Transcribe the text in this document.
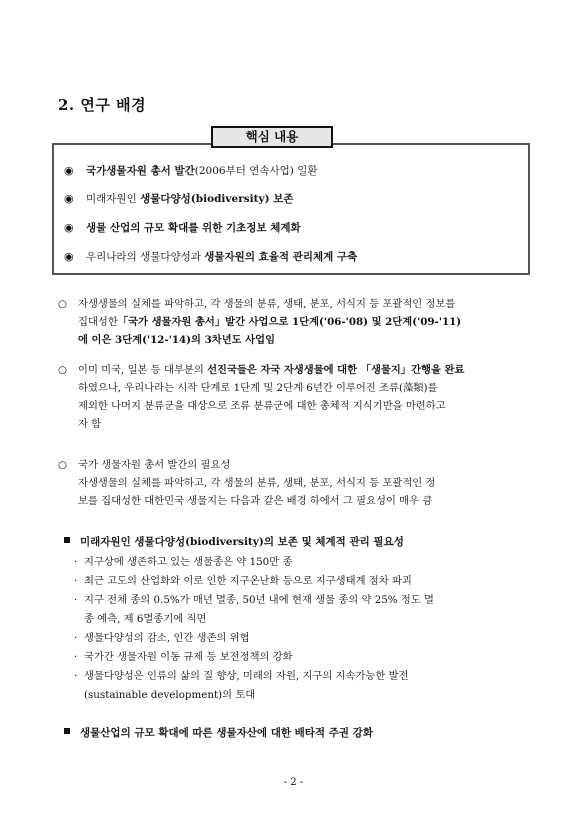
2. 연구 배경
핵심 내용
◉ 국가생물자원 총서 발간(2006부터 연속사업) 일환
◉ 미래자원인 생물다양성(biodiversity) 보존
◉ 생물 산업의 규모 확대를 위한 기초정보 체계화
◉ 우리나라의 생물다양성과 생물자원의 효율적 관리체계 구축
○ 자생생물의 실체를 파악하고, 각 생물의 분류, 생태, 분포, 서식지 등 포괄적인 정보를
집대성한「국가 생물자원 총서」발간 사업으로 1단계('06-'08) 및 2단계('09-'11)
에 이은 3단계('12-'14)의 3차년도 사업임
○ 이미 미국, 일본 등 대부분의 선진국들은 자국 자생생물에 대한 「생물지」간행을 완료
하였으나, 우리나라는 시작 단계로 1단계 및 2단계 6년간 이루어진 조류(藻類)를
제외한 나머지 분류군을 대상으로 조류 분류군에 대한 총체적 지식기반을 마련하고
자 함
○ 국가 생물자원 총서 발간의 필요성
자생생물의 실체를 파악하고, 각 생물의 분류, 생태, 분포, 서식지 등 포괄적인 정
보를 집대성한 대한민국 생물지는 다음과 같은 배경 하에서 그 필요성이 매우 큼
미래자원인 생물다양성(biodiversity)의 보존 및 체계적 관리 필요성
· 지구상에 생존하고 있는 생물종은 약 150만 종
· 최근 고도의 산업화와 이로 인한 지구온난화 등으로 지구생태계 점차 파괴
· 지구 전체 종의 0.5%가 매년 멸종, 50년 내에 현재 생물 종의 약 25% 정도 멸
종 예측, 제 6멸종기에 직면
· 생물다양성의 감소, 인간 생존의 위협
· 국가간 생물자원 이동 규제 등 보전정책의 강화
· 생물다양성은 인류의 삶의 질 향상, 미래의 자원, 지구의 지속가능한 발전
(sustainable development)의 토대
생물산업의 규모 확대에 따른 생물자산에 대한 배타적 주권 강화
- 2 -
